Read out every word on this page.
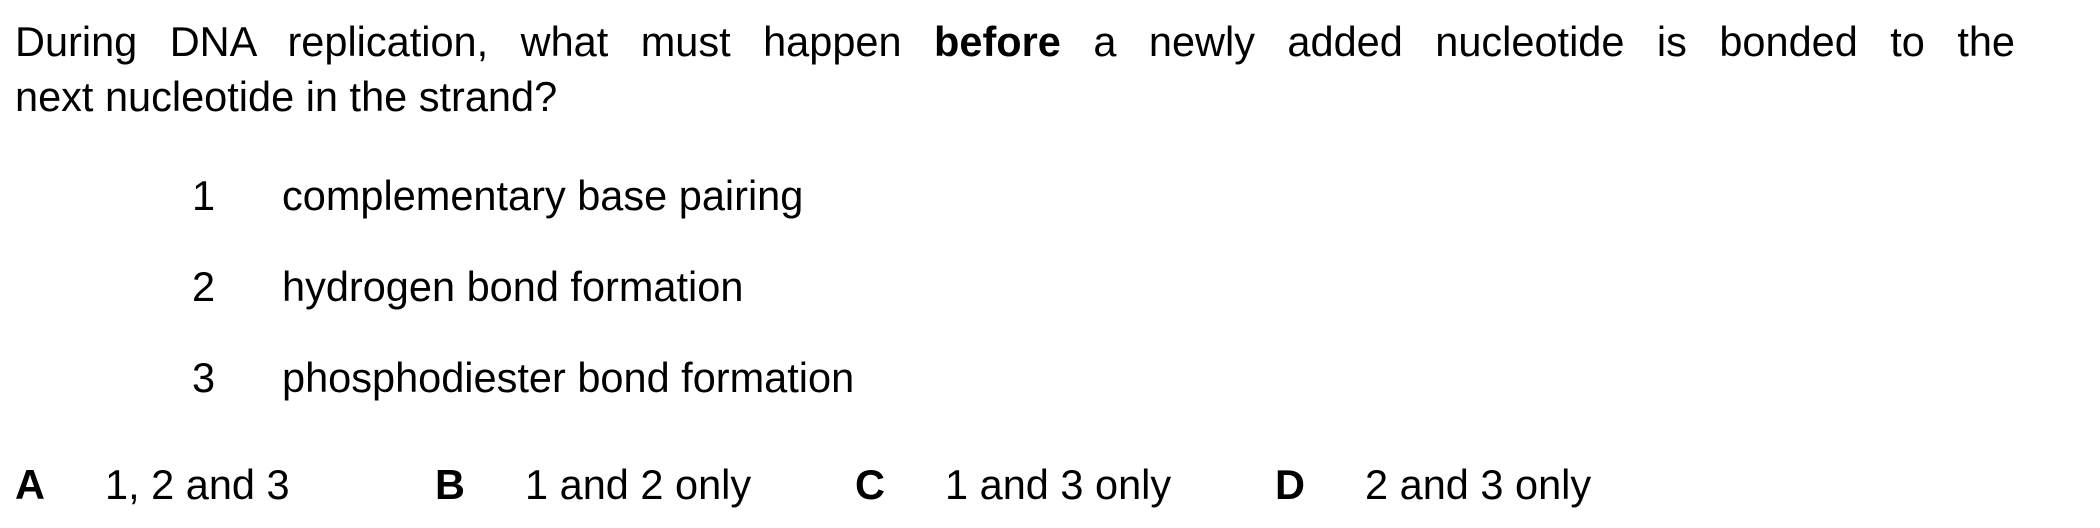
During DNA replication, what must happen before a newly added nucleotide is bonded to the
next nucleotide in the strand?
1 complementary base pairing
2 hydrogen bond formation
3 phosphodiester bond formation
A 1, 2 and 3	B 1 and 2 only	C 1 and 3 only	D 2 and 3 only
